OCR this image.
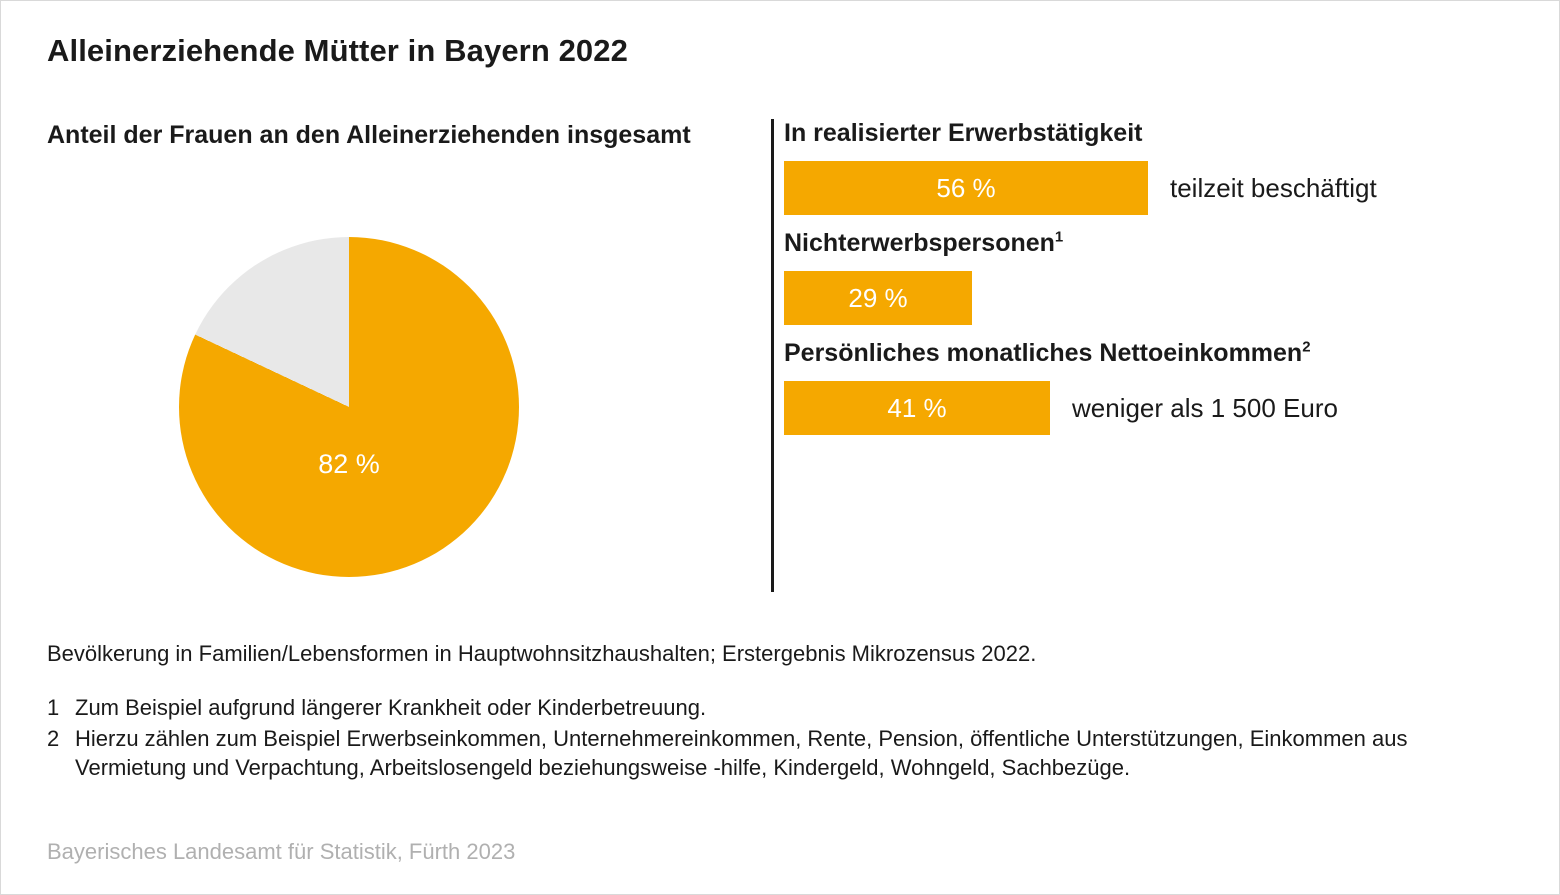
Alleinerziehende Mütter in Bayern 2022
Anteil der Frauen an den Alleinerziehenden insgesamt
82 %
In realisierter Erwerbstätigkeit
56 %	teilzeit beschäftigt
Nichterwerbspersonen$^1$
29 %
Persönliches monatliches Nettoeinkommen$^2$
41 %	weniger als 1 500 Euro
Bevölkerung in Familien/Lebensformen in Hauptwohnsitzhaushalten; Erstergebnis Mikrozensus 2022.
1 Zum Beispiel aufgrund längerer Krankheit oder Kinderbetreuung.
2 Hierzu zählen zum Beispiel Erwerbseinkommen, Unternehmereinkommen, Rente, Pension, öffentliche Unterstützungen, Einkommen aus Vermietung und Verpachtung, Arbeitslosengeld beziehungsweise -hilfe, Kindergeld, Wohngeld, Sachbezüge.
Bayerisches Landesamt für Statistik, Fürth 2023
